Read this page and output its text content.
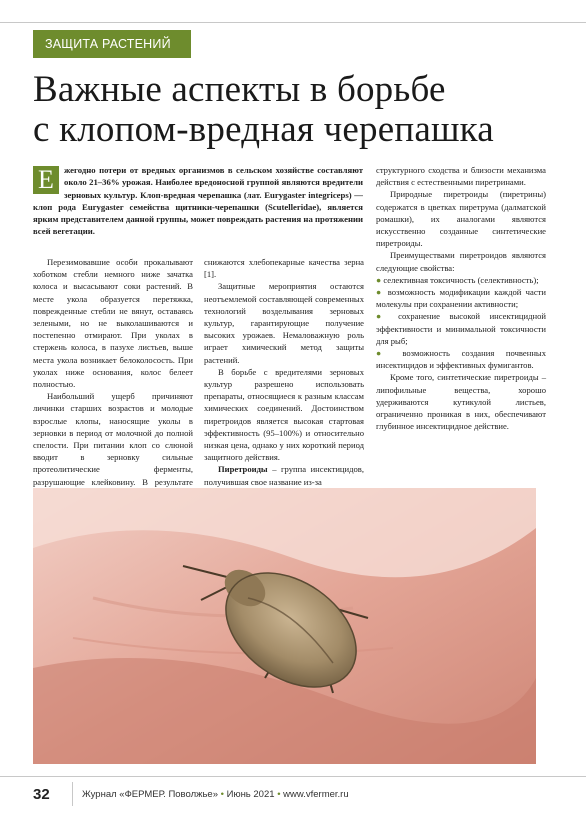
ЗАЩИТА РАСТЕНИЙ
Важные аспекты в борьбе
с клопом-вредная черепашка
Е	жегодно потери от вредных организмов в сельском хозяйстве составляют около 21–36% урожая. Наиболее вредоносной группой являются вредители зерновых культур. Клоп-вредная черепашка (лат. Eurygaster integriceps) — клоп рода Eurygaster семейства щитники-черепашки (Scutelleridae), является ярким представителем данной группы, может повреждать растения на протяжении всей вегетации.

Перезимовавшие особи прокалывают хоботком стебли немного ниже зачатка колоса и высасывают соки растений. В месте укола образуется перетяжка, поврежденные стебли не вянут, оставаясь зелеными, но не выколашиваются и постепенно отмирают. При уколах в стержень колоса, в пазухе листьев, выше места укола возникает белоколосость. При уколах ниже основания, колос белеет полностью.

Наибольший ущерб причиняют личинки старших возрастов и молодые взрослые клопы, наносящие уколы в зерновки в период от молочной до полной спелости. При питании клоп со слюной вводит в зерновку сильные протеолитические ферменты, разрушающие клейковину. В результате

снижаются хлебопекарные качества зерна [1].

Защитные мероприятия остаются неотъемлемой составляющей современных технологий возделывания зерновых культур, гарантирующие получение высоких урожаев. Немаловажную роль играет химический метод защиты растений.

В борьбе с вредителями зерновых культур разрешено использовать препараты, относящиеся к разным классам химических соединений. Достоинством пиретроидов является высокая стартовая эффективность (95–100%) и относительно низкая цена, однако у них короткий период защитного действия.

Пиретроиды – группа инсектицидов, получившая свое название из-за

структурного сходства и близости механизма действия с естественными пиретринами.

Природные пиретроиды (пиретрины) содержатся в цветках пиретрума (далматской ромашки), их аналогами являются искусственно созданные синтетические пиретроиды.

Преимуществами пиретроидов являются следующие свойства:

● селективная токсичность (селективность);

● возможность модификации каждой части молекулы при сохранении активности;

● сохранение высокой инсектицидной эффективности и минимальной токсичности для рыб;

● возможность создания почвенных инсектицидов и эффективных фумигантов.

Кроме того, синтетические пиретроиды – липофильные вещества, хорошо удерживаются кутикулой листьев, ограниченно проникая в них, обеспечивают глубинное инсектицидное действие.

32	Журнал «ФЕРМЕР. Поволжье» • Июнь 2021 • www.vfermer.ru
